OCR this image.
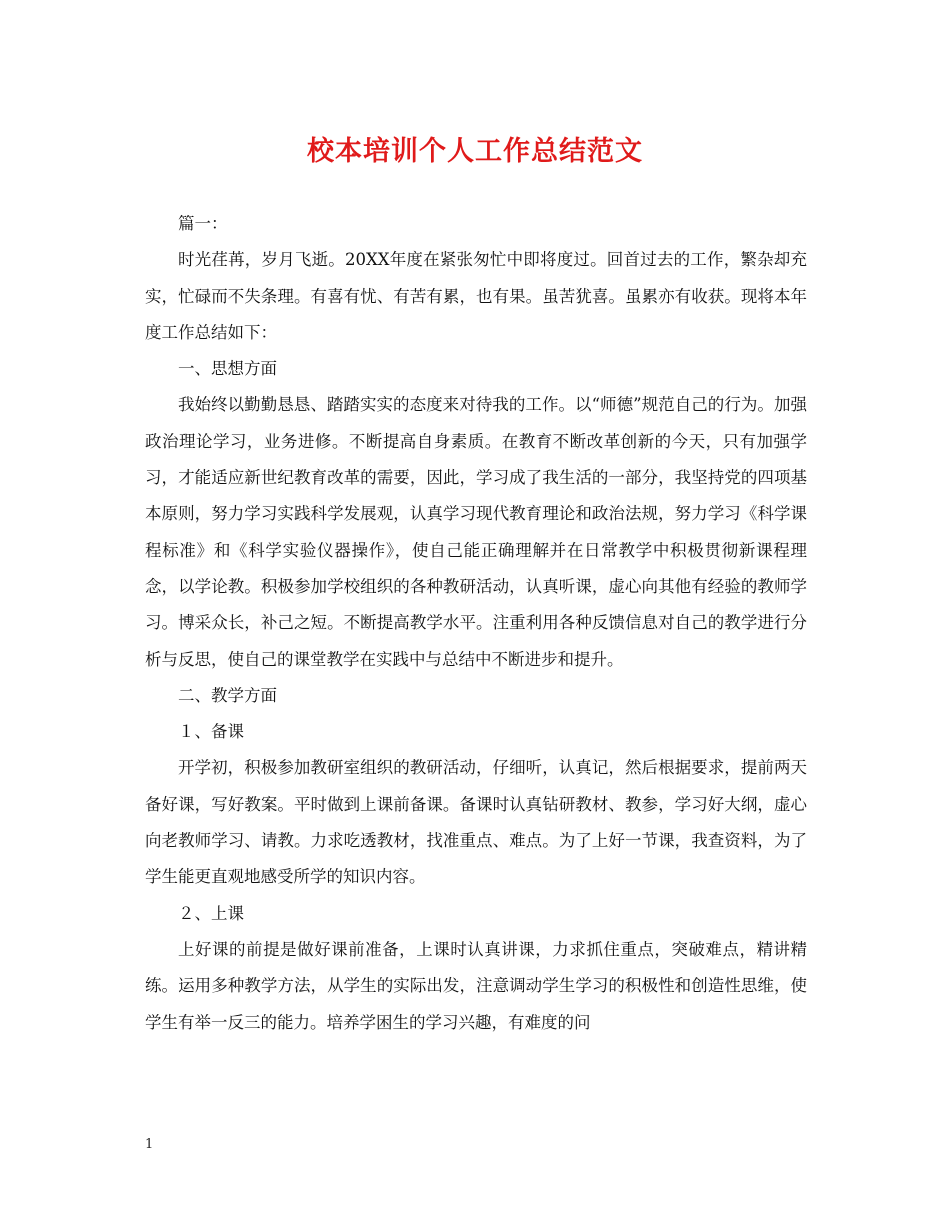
校本培训个人工作总结范文

篇一：

时光荏苒，岁月飞逝。20XX年度在紧张匆忙中即将度过。回首过去的工作，繁杂却充实，忙碌而不失条理。有喜有忧、有苦有累，也有果。虽苦犹喜。虽累亦有收获。现将本年度工作总结如下：

一、思想方面

我始终以勤勤恳恳、踏踏实实的态度来对待我的工作。以“师德”规范自己的行为。加强政治理论学习，业务进修。不断提高自身素质。在教育不断改革创新的今天，只有加强学习，才能适应新世纪教育改革的需要，因此，学习成了我生活的一部分，我坚持党的四项基本原则，努力学习实践科学发展观，认真学习现代教育理论和政治法规，努力学习《科学课程标准》和《科学实验仪器操作》，使自己能正确理解并在日常教学中积极贯彻新课程理念，以学论教。积极参加学校组织的各种教研活动，认真听课，虚心向其他有经验的教师学习。博采众长，补己之短。不断提高教学水平。注重利用各种反馈信息对自己的教学进行分析与反思，使自己的课堂教学在实践中与总结中不断进步和提升。

二、教学方面

１、备课

开学初，积极参加教研室组织的教研活动，仔细听，认真记，然后根据要求，提前两天备好课，写好教案。平时做到上课前备课。备课时认真钻研教材、教参，学习好大纲，虚心向老教师学习、请教。力求吃透教材，找准重点、难点。为了上好一节课，我查资料，为了学生能更直观地感受所学的知识内容。

２、上课

上好课的前提是做好课前准备，上课时认真讲课，力求抓住重点，突破难点，精讲精练。运用多种教学方法，从学生的实际出发，注意调动学生学习的积极性和创造性思维，使学生有举一反三的能力。培养学困生的学习兴趣，有难度的问

1
